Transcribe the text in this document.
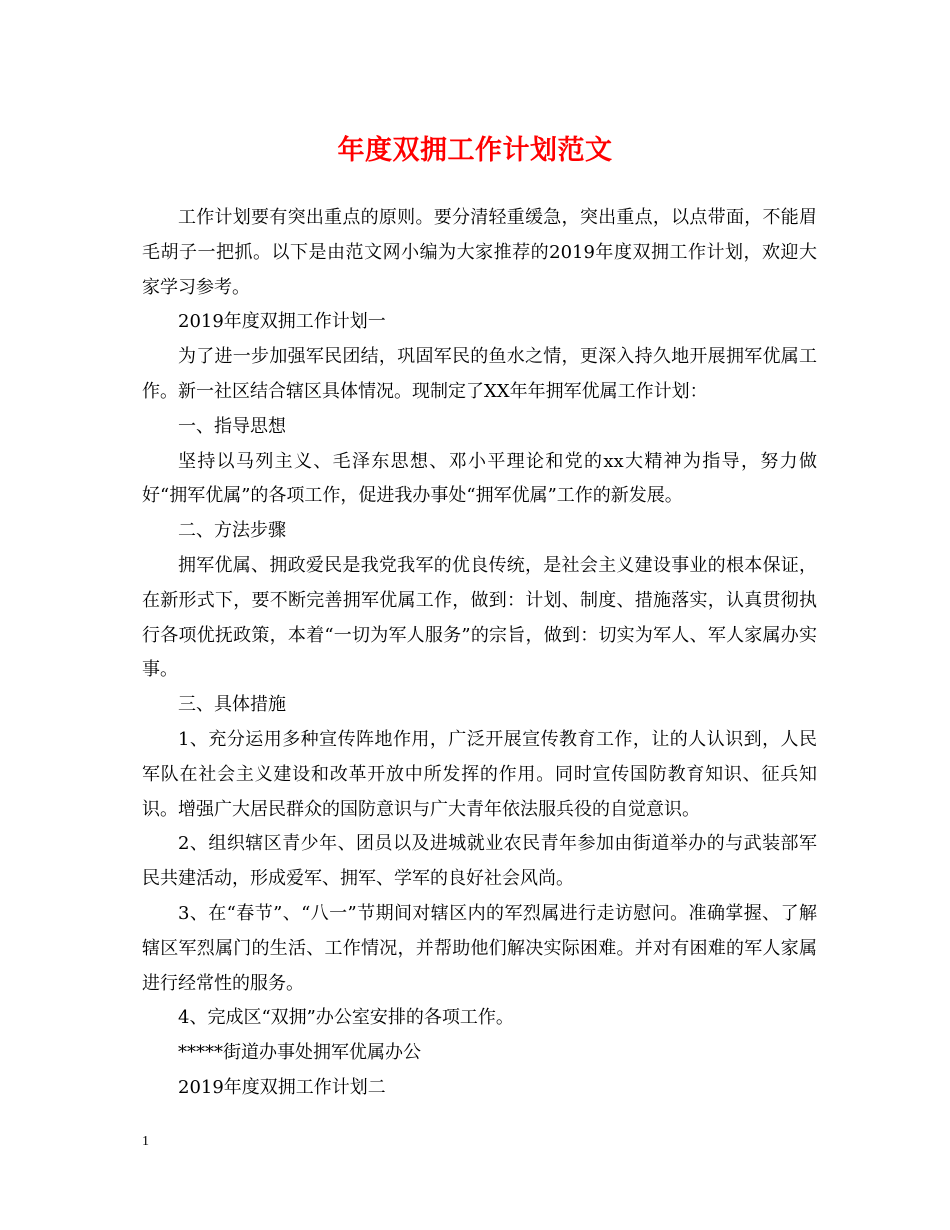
年度双拥工作计划范文

工作计划要有突出重点的原则。要分清轻重缓急，突出重点，以点带面，不能眉毛胡子一把抓。以下是由范文网小编为大家推荐的2019年度双拥工作计划，欢迎大家学习参考。

2019年度双拥工作计划一

为了进一步加强军民团结，巩固军民的鱼水之情，更深入持久地开展拥军优属工作。新一社区结合辖区具体情况。现制定了XX年年拥军优属工作计划：

一、指导思想

坚持以马列主义、毛泽东思想、邓小平理论和党的xx大精神为指导，努力做好“拥军优属”的各项工作，促进我办事处“拥军优属”工作的新发展。

二、方法步骤

拥军优属、拥政爱民是我党我军的优良传统，是社会主义建设事业的根本保证，在新形式下，要不断完善拥军优属工作，做到：计划、制度、措施落实，认真贯彻执行各项优抚政策，本着“一切为军人服务”的宗旨，做到：切实为军人、军人家属办实事。

三、具体措施

1、充分运用多种宣传阵地作用，广泛开展宣传教育工作，让的人认识到，人民军队在社会主义建设和改革开放中所发挥的作用。同时宣传国防教育知识、征兵知识。增强广大居民群众的国防意识与广大青年依法服兵役的自觉意识。

2、组织辖区青少年、团员以及进城就业农民青年参加由街道举办的与武装部军民共建活动，形成爱军、拥军、学军的良好社会风尚。

3、在“春节”、“八一”节期间对辖区内的军烈属进行走访慰问。准确掌握、了解辖区军烈属门的生活、工作情况，并帮助他们解决实际困难。并对有困难的军人家属进行经常性的服务。

4、完成区“双拥”办公室安排的各项工作。

*****街道办事处拥军优属办公

2019年度双拥工作计划二

1
